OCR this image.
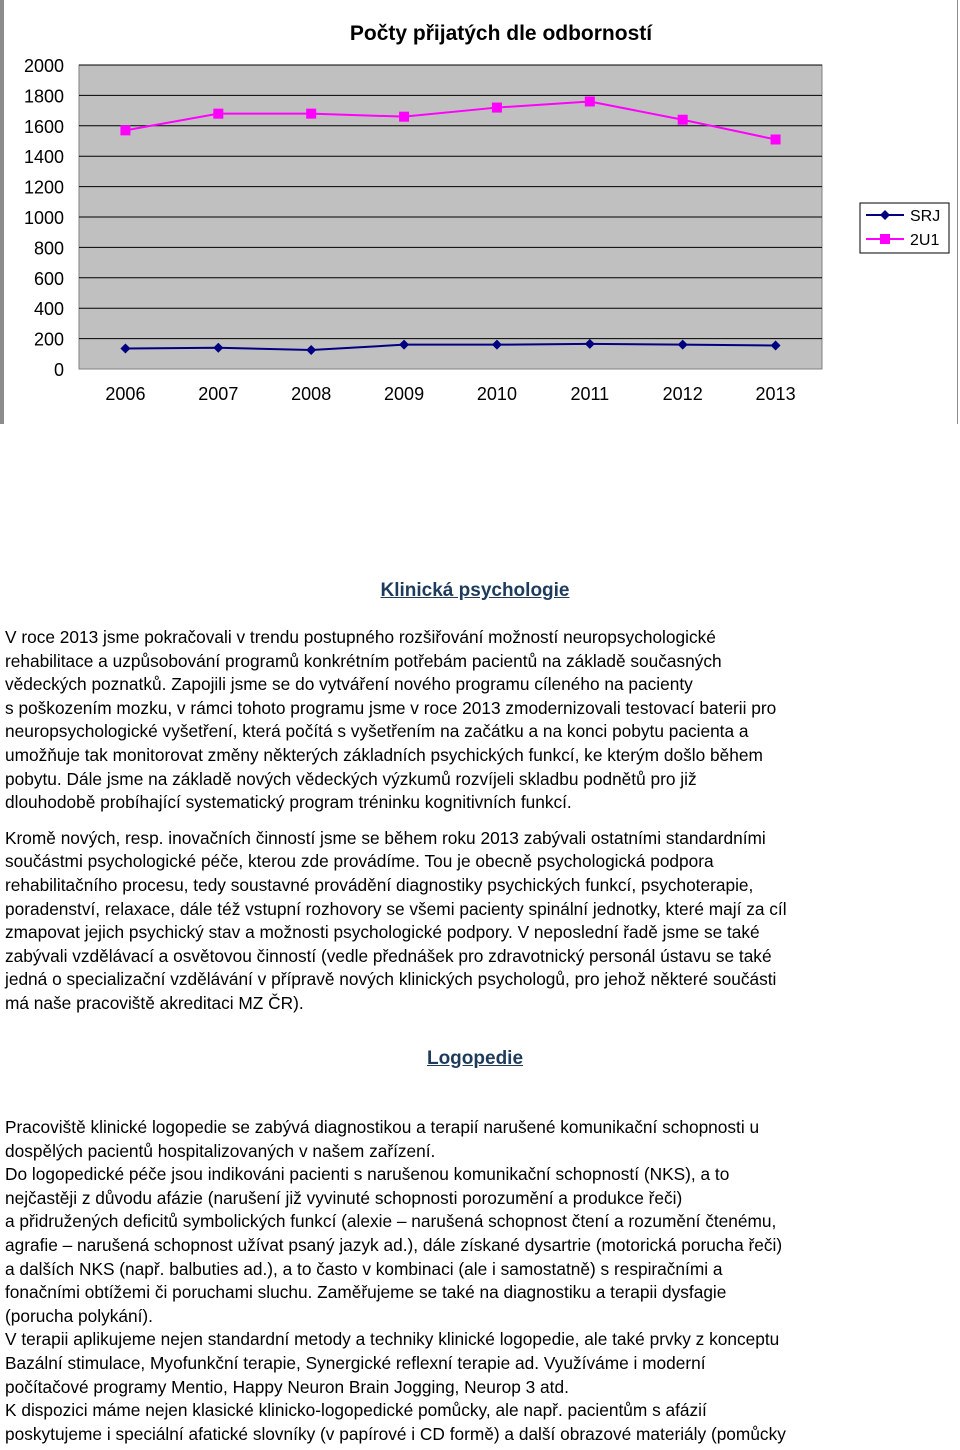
Počty přijatých dle odborností
0
200
400
600
800
1000
1200
1400
1600
1800
2000
2006	2007	2008	2009	2010	2011	2012	2013
SRJ
2U1
Klinická psychologie

V roce 2013 jsme pokračovali v trendu postupného rozšiřování možností neuropsychologické
rehabilitace a uzpůsobování programů konkrétním potřebám pacientů na základě současných
vědeckých poznatků. Zapojili jsme se do vytváření nového programu cíleného na pacienty
s poškozením mozku, v rámci tohoto programu jsme v roce 2013 zmodernizovali testovací baterii pro
neuropsychologické vyšetření, která počítá s vyšetřením na začátku a na konci pobytu pacienta a
umožňuje tak monitorovat změny některých základních psychických funkcí, ke kterým došlo během
pobytu. Dále jsme na základě nových vědeckých výzkumů rozvíjeli skladbu podnětů pro již
dlouhodobě probíhající systematický program tréninku kognitivních funkcí.

Kromě nových, resp. inovačních činností jsme se během roku 2013 zabývali ostatními standardními
součástmi psychologické péče, kterou zde provádíme. Tou je obecně psychologická podpora
rehabilitačního procesu, tedy soustavné provádění diagnostiky psychických funkcí, psychoterapie,
poradenství, relaxace, dále též vstupní rozhovory se všemi pacienty spinální jednotky, které mají za cíl
zmapovat jejich psychický stav a možnosti psychologické podpory. V neposlední řadě jsme se také
zabývali vzdělávací a osvětovou činností (vedle přednášek pro zdravotnický personál ústavu se také
jedná o specializační vzdělávání v přípravě nových klinických psychologů, pro jehož některé součásti
má naše pracoviště akreditaci MZ ČR).

Logopedie

Pracoviště klinické logopedie se zabývá diagnostikou a terapií narušené komunikační schopnosti u
dospělých pacientů hospitalizovaných v našem zařízení.
Do logopedické péče jsou indikováni pacienti s narušenou komunikační schopností (NKS), a to
nejčastěji z důvodu afázie (narušení již vyvinuté schopnosti porozumění a produkce řeči)
a přidružených deficitů symbolických funkcí (alexie – narušená schopnost čtení a rozumění čtenému,
agrafie – narušená schopnost užívat psaný jazyk ad.), dále získané dysartrie (motorická porucha řeči)
a dalších NKS (např. balbuties ad.), a to často v kombinaci (ale i samostatně) s respiračními a
fonačními obtížemi či poruchami sluchu. Zaměřujeme se také na diagnostiku a terapii dysfagie
(porucha polykání).
V terapii aplikujeme nejen standardní metody a techniky klinické logopedie, ale také prvky z konceptu
Bazální stimulace, Myofunkční terapie, Synergické reflexní terapie ad. Využíváme i moderní
počítačové programy Mentio, Happy Neuron Brain Jogging, Neurop 3 atd.
K dispozici máme nejen klasické klinicko-logopedické pomůcky, ale např. pacientům s afázií
poskytujeme i speciální afatické slovníky (v papírové i CD formě) a další obrazové materiály (pomůcky
